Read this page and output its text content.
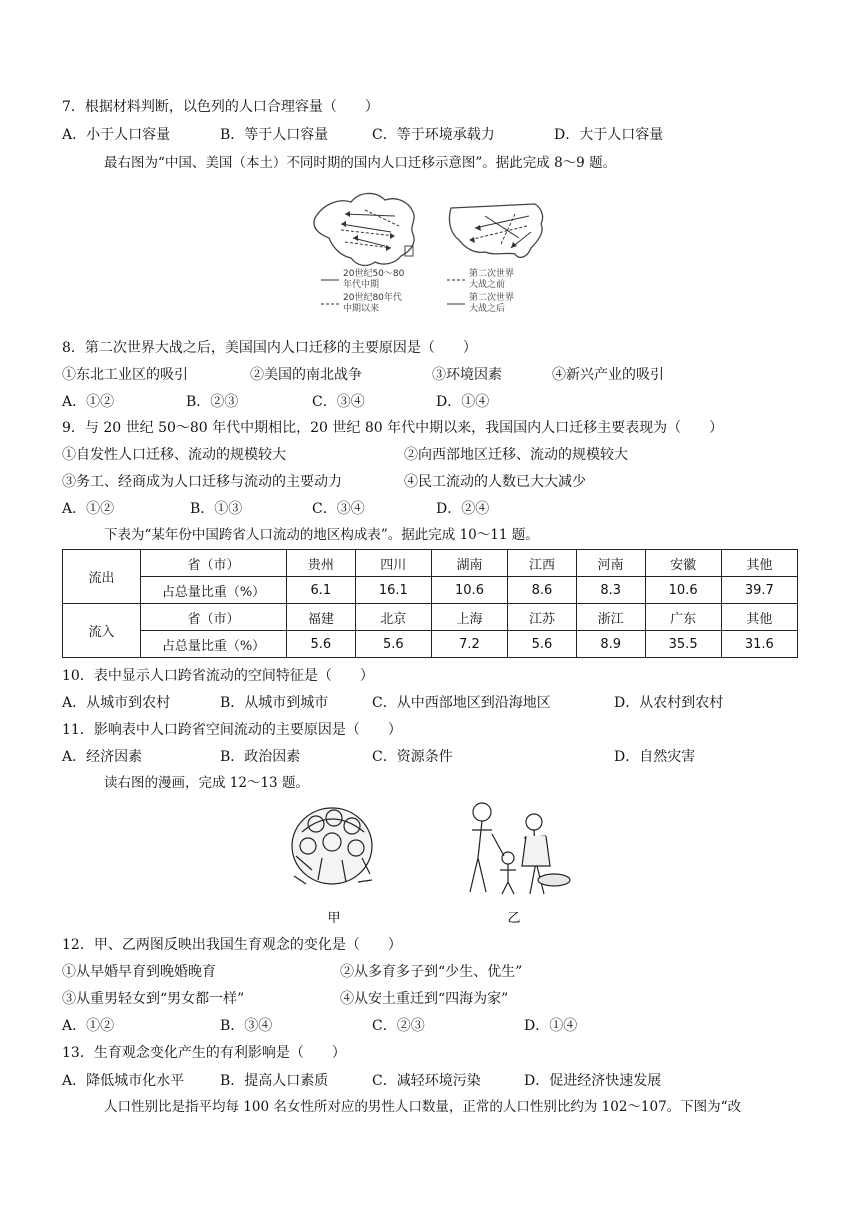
7．根据材料判断，以色列的人口合理容量（　　）
A．小于人口容量	B．等于人口容量	C．等于环境承载力	D．大于人口容量
最右图为“中国、美国（本土）不同时期的国内人口迁移示意图”。据此完成 8～9 题。
20世纪50～80
年代中期
20世纪80年代
中期以来
第二次世界
大战之前
第二次世界
大战之后
8．第二次世界大战之后，美国国内人口迁移的主要原因是（　　）
①东北工业区的吸引	②美国的南北战争	③环境因素	④新兴产业的吸引
A．①②	B．②③	C．③④	D．①④
9．与 20 世纪 50～80 年代中期相比，20 世纪 80 年代中期以来，我国国内人口迁移主要表现为（　　）
①自发性人口迁移、流动的规模较大	②向西部地区迁移、流动的规模较大
③务工、经商成为人口迁移与流动的主要动力	④民工流动的人数已大大减少
A．①②	B．①③	C．③④	D．②④
下表为“某年份中国跨省人口流动的地区构成表”。据此完成 10～11 题。
流出	省（市）	贵州	四川	湖南	江西	河南	安徽	其他
	占总量比重（%）	6.1	16.1	10.6	8.6	8.3	10.6	39.7
流入	省（市）	福建	北京	上海	江苏	浙江	广东	其他
	占总量比重（%）	5.6	5.6	7.2	5.6	8.9	35.5	31.6
10．表中显示人口跨省流动的空间特征是（　　）
A．从城市到农村	B．从城市到城市	C．从中西部地区到沿海地区	D．从农村到农村
11．影响表中人口跨省空间流动的主要原因是（　　）
A．经济因素	B．政治因素	C．资源条件	D．自然灾害
读右图的漫画，完成 12～13 题。
甲	乙
12．甲、乙两图反映出我国生育观念的变化是（　　）
①从早婚早育到晚婚晚育	②从多育多子到“少生、优生”
③从重男轻女到“男女都一样”	④从安土重迁到“四海为家”
A．①②	B．③④	C．②③	D．①④
13．生育观念变化产生的有利影响是（　　）
A．降低城市化水平	B．提高人口素质	C．减轻环境污染	D．促进经济快速发展
人口性别比是指平均每 100 名女性所对应的男性人口数量，正常的人口性别比约为 102～107。下图为“改
